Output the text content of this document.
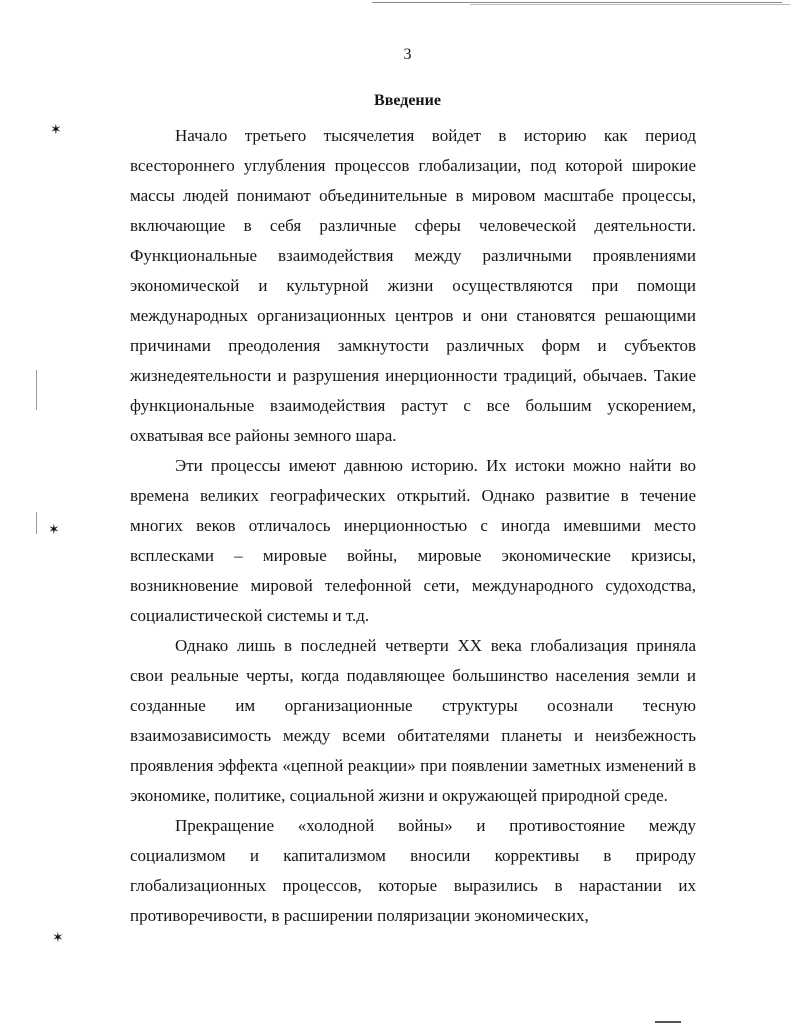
✶
✶
✶
3
Введение

Начало третьего тысячелетия войдет в историю как период всестороннего углубления процессов глобализации, под которой широкие массы людей понимают объединительные в мировом масштабе процессы, включающие в себя различные сферы человеческой деятельности. Функциональные взаимодействия между различными проявлениями экономической и культурной жизни осуществляются при помощи международных организационных центров и они становятся решающими причинами преодоления замкнутости различных форм и субъектов жизнедеятельности и разрушения инерционности традиций, обычаев. Такие функциональные взаимодействия растут с все большим ускорением, охватывая все районы земного шара.

Эти процессы имеют давнюю историю. Их истоки можно найти во времена великих географических открытий. Однако развитие в течение многих веков отличалось инерционностью с иногда имевшими место всплесками – мировые войны, мировые экономические кризисы, возникновение мировой телефонной сети, международного судоходства, социалистической системы и т.д.

Однако лишь в последней четверти XX века глобализация приняла свои реальные черты, когда подавляющее большинство населения земли и созданные им организационные структуры осознали тесную взаимозависимость между всеми обитателями планеты и неизбежность проявления эффекта «цепной реакции» при появлении заметных изменений в экономике, политике, социальной жизни и окружающей природной среде.

Прекращение «холодной войны» и противостояние между социализмом и капитализмом вносили коррективы в природу глобализационных процессов, которые выразились в нарастании их противоречивости, в расширении поляризации экономических,
